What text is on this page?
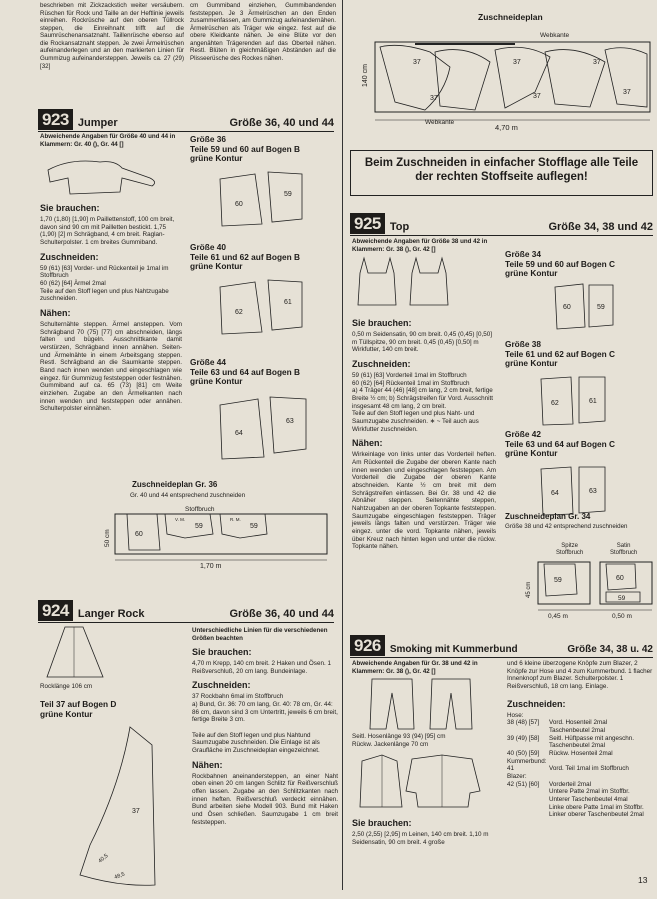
beschrieben mit Zickzackstich weiter versäubern. Rüschen für Rock und Taille an der Heftlinie jeweils einreihen. Rockrüsche auf den oberen Tüllrock steppen, die Einreihnaht trifft auf die Saumrüschenansatznaht. Taillenrüsche ebenso auf die Rockansatznaht steppen. Je zwei Ärmelrüschen aufeinanderlegen und an den markierten Linien für Gummizug aufeinandersteppen. Jeweils ca. 27 (29) [32]
cm Gummiband einziehen, Gummibandenden feststeppen. Je 3 Ärmelrüschen an den Enden zusammenfassen, am Gummizug aufeinandernähen. Ärmelrüschen als Träger wie eingez. fest auf die obere Kleidkante nähen. Je eine Blüte vor den angenähten Trägerenden auf das Oberteil nähen. Restl. Blüten in gleichmäßigen Abständen auf die Plisseerüsche des Rockes nähen.
Zuschneideplan
37
37
37
37
37
37
Webkante
Webkante
140 cm
4,70 m
Beim Zuschneiden in einfacher Stofflage alle Teile der rechten Stoffseite auflegen!
923 Jumper	Größe 36, 40 und 44
Abweichende Angaben für Größe 40 und 44 in Klammern: Gr. 40 (), Gr. 44 []
Sie brauchen:
1,70 (1,80) [1,90] m Paillettenstoff, 100 cm breit, davon sind 90 cm mit Pailletten bestickt. 1,75 (1,90) [2] m Schrägband, 4 cm breit. Raglan-Schulterpolster. 1 cm breites Gummiband.
Zuschneiden:
59 (61) [63] Vorder- und Rückenteil je 1mal im Stoffbruch
60 (62) [64] Ärmel 2mal
Teile auf den Stoff legen und plus Nahtzugabe zuschneiden.
Nähen:
Schulternähte steppen. Ärmel ansteppen. Vom Schrägband 70 (75) [77] cm abschneiden, längs falten und bügeln. Ausschnittkante damit verstürzen, Schrägband innen annähen. Seiten- und Ärmelnähte in einem Arbeitsgang steppen. Restl. Schrägband an die Saumkante steppen. Band nach innen wenden und eingeschlagen wie eingez. für Gummizug feststeppen oder festnähen. Gummiband auf ca. 65 (73) [81] cm Weite einziehen. Zugabe an den Ärmelkanten nach innen wenden und feststeppen oder annähen. Schulterpolster einnähen.
Größe 36
Teile 59 und 60 auf Bogen B
grüne Kontur
60
59
Größe 40
Teile 61 und 62 auf Bogen B
grüne Kontur
62
61
Größe 44
Teile 63 und 64 auf Bogen B
grüne Kontur
64
63
Zuschneideplan Gr. 36
Gr. 40 und 44 entsprechend zuschneiden
60
59	59
V. M.	R. M.
Stoffbruch
50 cm
1,70 m
924 Langer Rock	Größe 36, 40 und 44
Rocklänge 106 cm
Teil 37 auf Bogen D
grüne Kontur
37
40,5
48,5
Unterschiedliche Linien für die verschiedenen Größen beachten
Sie brauchen:
4,70 m Krepp, 140 cm breit. 2 Haken und Ösen. 1 Reißverschluß, 20 cm lang. Bundeinlage.
Zuschneiden:
37 Rockbahn 6mal im Stoffbruch
a) Bund, Gr. 36: 70 cm lang, Gr. 40: 78 cm, Gr. 44: 86 cm, davon sind 3 cm Untertritt, jeweils 6 cm breit, fertige Breite 3 cm.

Teile auf den Stoff legen und plus Nahtund Saumzugabe zuschneiden. Die Einlage ist als Graufläche im Zuschneideplan eingezeichnet.
Nähen:
Rockbahnen aneinandersteppen, an einer Naht oben einen 20 cm langen Schlitz für Reißverschluß offen lassen. Zugabe an den Schlitzkanten nach innen heften. Reißverschluß verdeckt einnähen. Bund arbeiten siehe Modell 903. Bund mit Haken und Ösen schließen. Saumzugabe 1 cm breit feststeppen.
925 Top	Größe 34, 38 und 42
Abweichende Angaben für Größe 38 und 42 in Klammern: Gr. 38 (), Gr. 42 []
Sie brauchen:
0,50 m Seidensatin, 90 cm breit. 0,45 (0,45) [0,50] m Tüllspitze, 90 cm breit. 0,45 (0,45) [0,50] m Wirkfutter, 140 cm breit.
Zuschneiden:
59 (61) [63] Vorderteil 1mal im Stoffbruch
60 (62) [64] Rückenteil 1mal im Stoffbruch
a) 4 Träger 44 (46) [48] cm lang, 2 cm breit, fertige Breite ½ cm; b) Schrägstreifen für Vord. Ausschnitt insgesamt 48 cm lang, 2 cm breit.
Teile auf den Stoff legen und plus Naht- und Saumzugabe zuschneiden. ∗ ~ Teil auch aus Wirkfutter zuschneiden.
Nähen:
Wirkeinlage von links unter das Vorderteil heften. Am Rückenteil die Zugabe der oberen Kante nach innen wenden und eingeschlagen feststeppen. Am Vorderteil die Zugabe der oberen Kante abschneiden. Kante ½ cm breit mit dem Schrägstreifen einfassen. Bei Gr. 38 und 42 die Abnäher steppen. Seitennähte steppen, Nahtzugaben an der oberen Topkante feststeppen. Saumzugabe eingeschlagen feststeppen. Träger jeweils längs falten und verstürzen. Träger wie eingez. unter die vord. Topkante nähen, jeweils über Kreuz nach hinten legen und unter die rückw. Topkante nähen.
Größe 34
Teile 59 und 60 auf Bogen C
grüne Kontur
60	59
Größe 38
Teile 61 und 62 auf Bogen C
grüne Kontur
62	61
Größe 42
Teile 63 und 64 auf Bogen C
grüne Kontur
64	63
Zuschneideplan Gr. 34
Größe 38 und 42 entsprechend zuschneiden
Spitze
Stoffbruch
Satin
Stoffbruch
59	60
59
45 cm
0,45 m	0,50 m
926 Smoking mit Kummerbund	Größe 34, 38 u. 42
Abweichende Angaben für Gr. 38 und 42 in Klammern: Gr. 38 (), Gr. 42 []
Seitl. Hosenlänge 93 (94) [95] cm
Rückw. Jackenlänge 70 cm
Sie brauchen:
2,50 (2,55) [2,95] m Leinen, 140 cm breit. 1,10 m Seidensatin, 90 cm breit. 4 große
und 6 kleine überzogene Knöpfe zum Blazer, 2 Knöpfe zur Hose und 4 zum Kummerbund. 1 flacher Innenknopf zum Blazer. Schulterpolster. 1 Reißverschluß, 18 cm lang. Einlage.
Zuschneiden:
Hose:
38 (48) [57]	Vord. Hosenteil 2mal
Taschenbeutel 2mal
39 (49) [58]	Seitl. Hüftpasse mit angeschn. Taschenbeutel 2mal
40 (50) [59]	Rückw. Hosenteil 2mal
Kummerbund:
41	Vord. Teil 1mal im Stoffbruch
Blazer:
42 (51) [60]	Vorderteil 2mal
Untere Patte 2mal im Stoffbr.
Unterer Taschenbeutel 4mal
Linke obere Patte 1mal im Stoffbr.
Linker oberer Taschenbeutel 2mal
13
